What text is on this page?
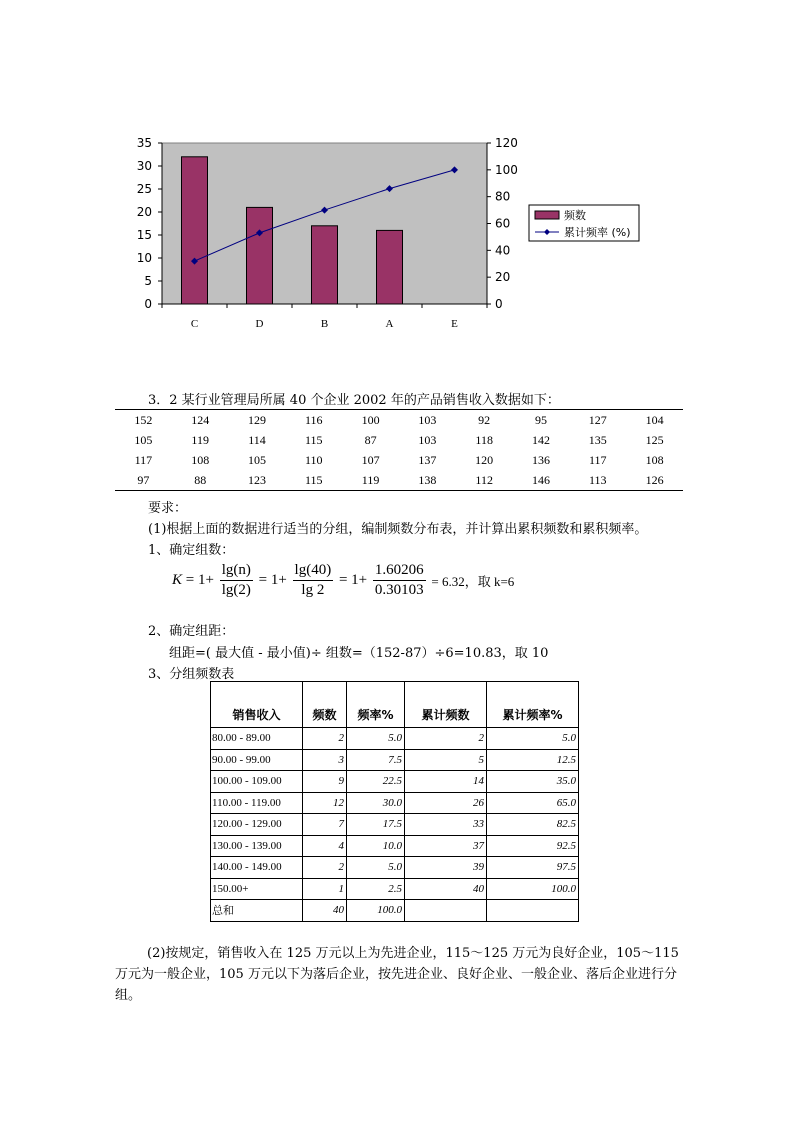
0
5
10
15
20
25
30
35
0
20
40
60
80
100
120
C	D	B	A	E
频数
累计频率 (%)
3．2 某行业管理局所属 40 个企业 2002 年的产品销售收入数据如下：
152	124	129	116	100	103	92	95	127	104
105	119	114	115	87	103	118	142	135	125
117	108	105	110	107	137	120	136	117	108
97	88	123	115	119	138	112	146	113	126
要求：
(1)根据上面的数据进行适当的分组，编制频数分布表，并计算出累积频数和累积频率。
1、确定组数：
$K = 1+ \frac{\lg(n)}{\lg(2)} = 1+ \frac{\lg(40)}{\lg 2} = 1+ \frac{1.60206}{0.30103} = 6.32$，取 k=6
2、确定组距：
组距=( 最大值 - 最小值)÷ 组数=（152-87）÷6=10.83，取 10
3、分组频数表
销售收入	频数	频率%	累计频数	累计频率%
80.00 - 89.00	2	5.0	2	5.0
90.00 - 99.00	3	7.5	5	12.5
100.00 - 109.00	9	22.5	14	35.0
110.00 - 119.00	12	30.0	26	65.0
120.00 - 129.00	7	17.5	33	82.5
130.00 - 139.00	4	10.0	37	92.5
140.00 - 149.00	2	5.0	39	97.5
150.00+	1	2.5	40	100.0
总和	40	100.0		
(2)按规定，销售收入在 125 万元以上为先进企业，115～125 万元为良好企业，105～115 万元为一般企业，105 万元以下为落后企业，按先进企业、良好企业、一般企业、落后企业进行分组。
